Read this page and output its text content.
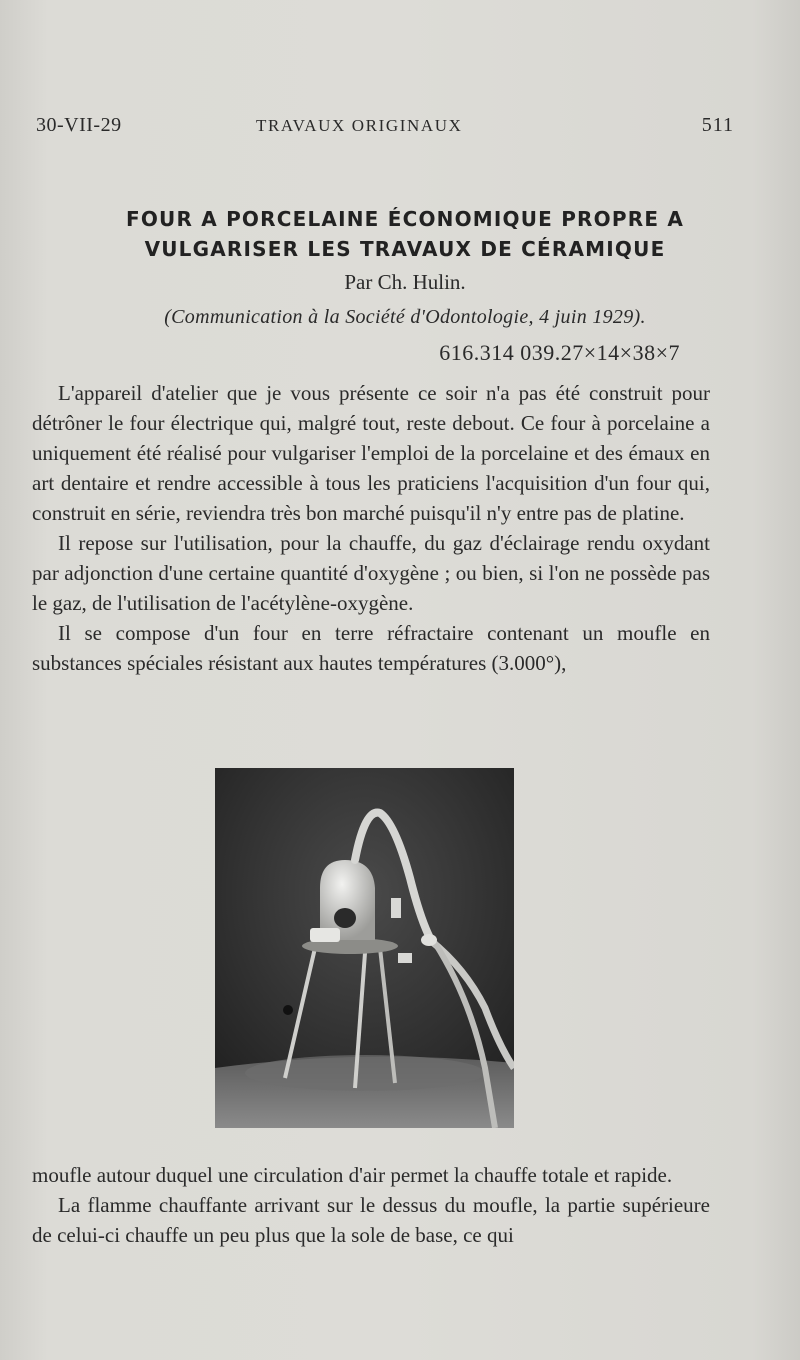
30-VII-29	TRAVAUX ORIGINAUX	511
FOUR A PORCELAINE ÉCONOMIQUE PROPRE A
VULGARISER LES TRAVAUX DE CÉRAMIQUE
Par Ch. Hulin.
(Communication à la Société d'Odontologie, 4 juin 1929).
616.314 039.27×14×38×7

L'appareil d'atelier que je vous présente ce soir n'a pas été construit pour détrôner le four électrique qui, malgré tout, reste debout. Ce four à porcelaine a uniquement été réalisé pour vulgariser l'emploi de la porcelaine et des émaux en art dentaire et rendre accessible à tous les praticiens l'acquisition d'un four qui, construit en série, reviendra très bon marché puisqu'il n'y entre pas de platine.

Il repose sur l'utilisation, pour la chauffe, du gaz d'éclairage rendu oxydant par adjonction d'une certaine quantité d'oxygène ; ou bien, si l'on ne possède pas le gaz, de l'utilisation de l'acétylène-oxygène.

Il se compose d'un four en terre réfractaire contenant un moufle en substances spéciales résistant aux hautes températures (3.000°),

moufle autour duquel une circulation d'air permet la chauffe totale et rapide.

La flamme chauffante arrivant sur le dessus du moufle, la partie supérieure de celui-ci chauffe un peu plus que la sole de base, ce qui
